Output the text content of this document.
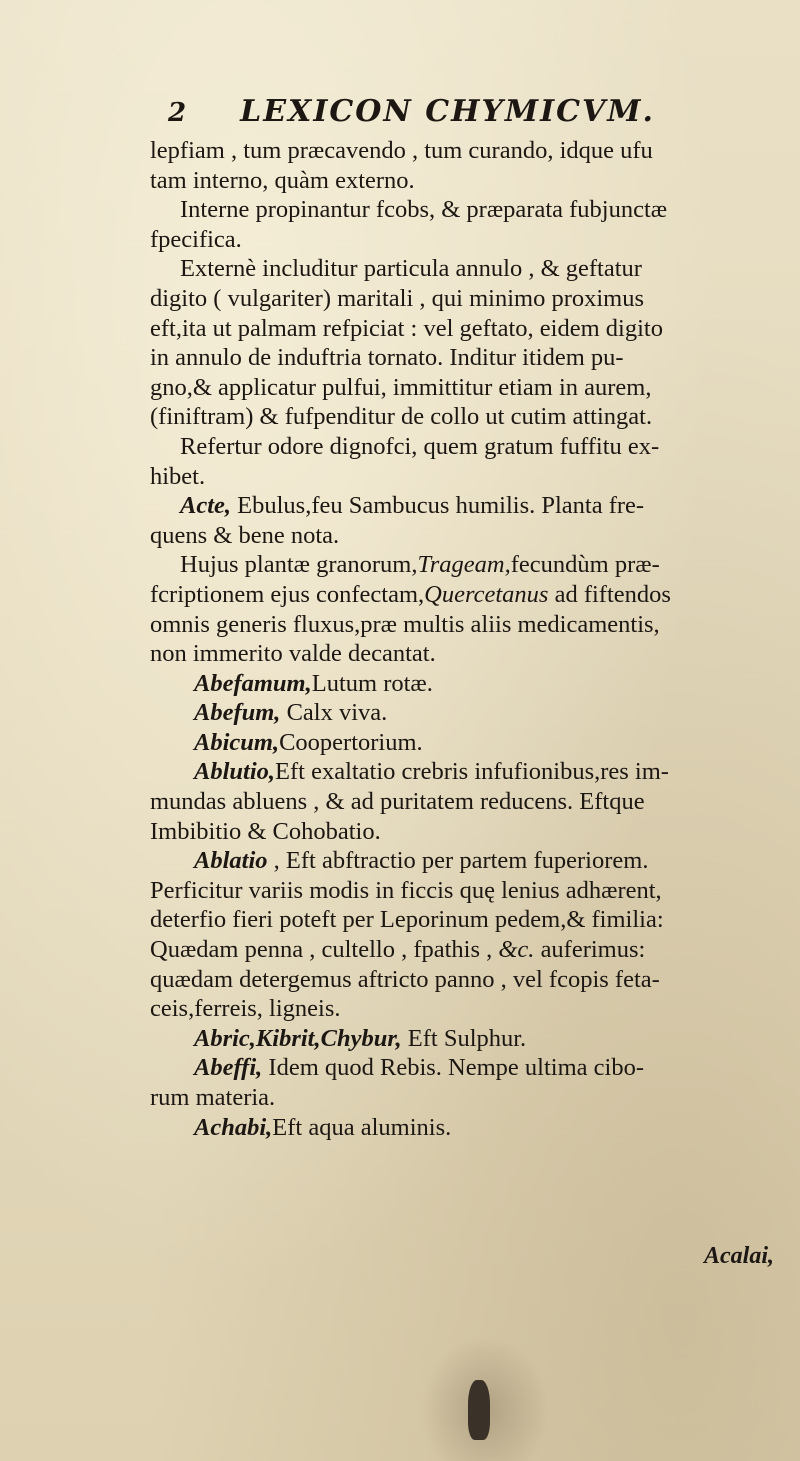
2 LEXICON CHYMICVM.
lepfiam , tum præcavendo , tum curando, idque ufu
tam interno, quàm externo.
Interne propinantur fcobs, & præparata fubjunctæ
fpecifica.
Externè includitur particula annulo , & geftatur
digito ( vulgariter) maritali , qui minimo proximus
eft,ita ut palmam refpiciat : vel geftato, eidem digito
in annulo de induftria tornato. Inditur itidem pu-
gno,& applicatur pulfui, immittitur etiam in aurem,
(finiftram) & fufpenditur de collo ut cutim attingat.
Refertur odore dignofci, quem gratum fuffitu ex-
hibet.
Acte, Ebulus,feu Sambucus humilis. Planta fre-
quens & bene nota.
Hujus plantæ granorum,Trageam,fecundùm præ-
fcriptionem ejus confectam,Quercetanus ad fiftendos
omnis generis fluxus,præ multis aliis medicamentis,
non immerito valde decantat.
Abefamum,Lutum rotæ.
Abefum, Calx viva.
Abicum,Coopertorium.
Ablutio,Eft exaltatio crebris infufionibus,res im-
mundas abluens , & ad puritatem reducens. Eftque
Imbibitio & Cohobatio.
Ablatio , Eft abftractio per partem fuperiorem.
Perficitur variis modis in ficcis quę lenius adhærent,
deterfio fieri poteft per Leporinum pedem,& fimilia:
Quædam penna , cultello , fpathis , &c. auferimus:
quædam detergemus aftricto panno , vel fcopis feta-
ceis,ferreis, ligneis.
Abric,Kibrit,Chybur, Eft Sulphur.
Abeffi, Idem quod Rebis. Nempe ultima cibo-
rum materia.
Achabi,Eft aqua aluminis.
Acalai,
